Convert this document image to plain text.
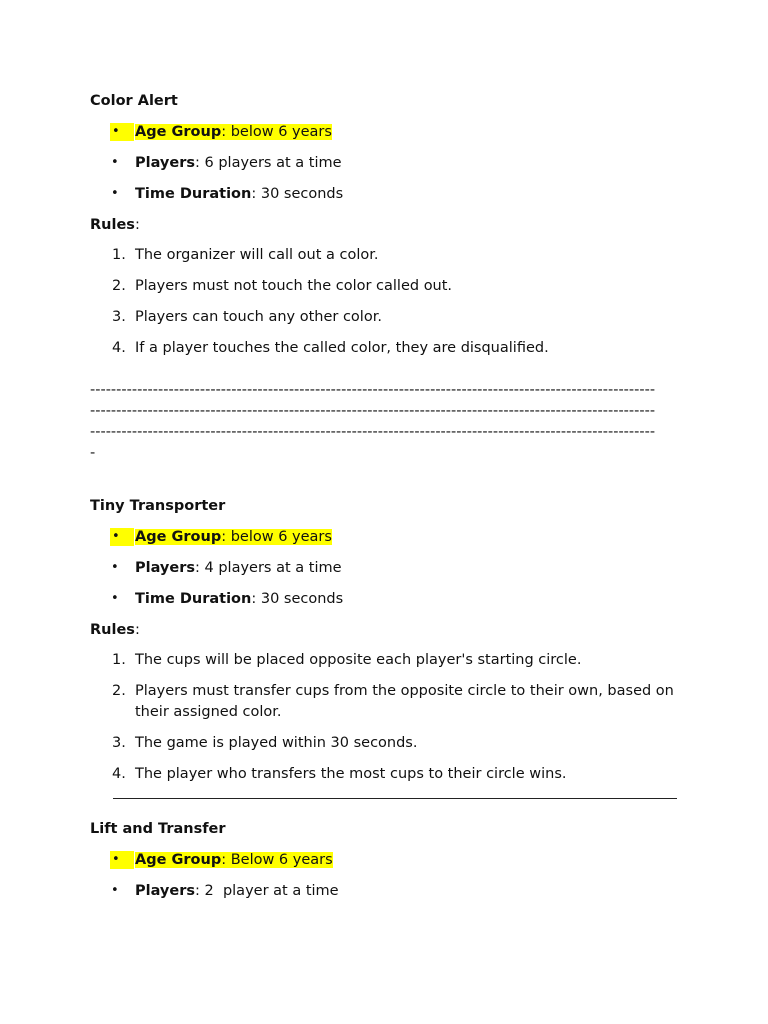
Color Alert
•	Age Group: below 6 years
• Players: 6 players at a time
• Time Duration: 30 seconds
Rules:
1. The organizer will call out a color.
2. Players must not touch the color called out.
3. Players can touch any other color.
4. If a player touches the called color, they are disqualified.
------------------------------------------------------------------------------------------------------------
------------------------------------------------------------------------------------------------------------
------------------------------------------------------------------------------------------------------------
-
Tiny Transporter
•	Age Group: below 6 years
• Players: 4 players at a time
• Time Duration: 30 seconds
Rules:
1. The cups will be placed opposite each player's starting circle.
2. Players must transfer cups from the opposite circle to their own, based on their assigned color.
3. The game is played within 30 seconds.
4. The player who transfers the most cups to their circle wins.
Lift and Transfer
•	Age Group: Below 6 years
• Players: 2  player at a time
